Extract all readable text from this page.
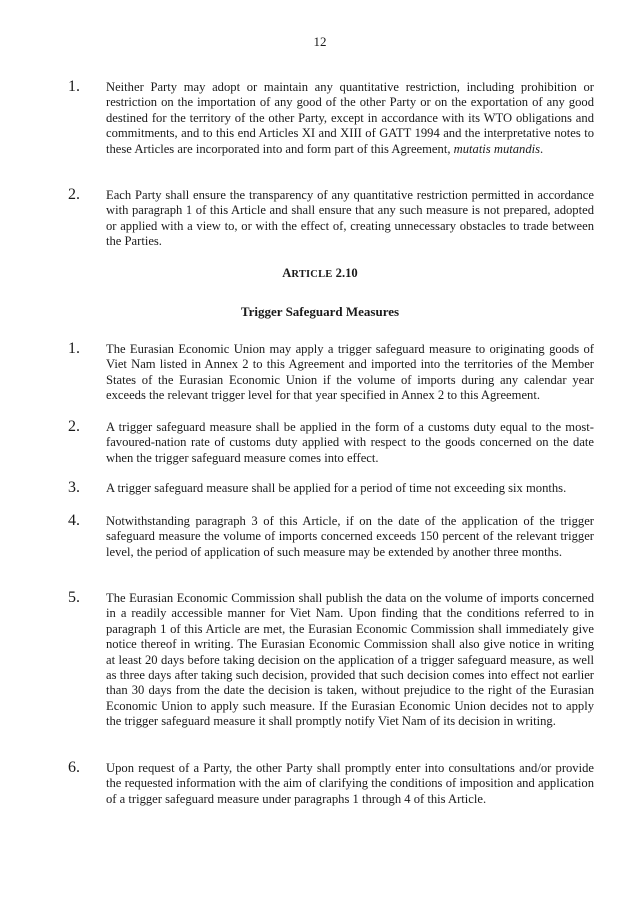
12
1.	Neither Party may adopt or maintain any quantitative restriction, including prohibition or restriction on the importation of any good of the other Party or on the exportation of any good destined for the territory of the other Party, except in accordance with its WTO obligations and commitments, and to this end Articles XI and XIII of GATT 1994 and the interpretative notes to these Articles are incorporated into and form part of this Agreement, mutatis mutandis.
2.	Each Party shall ensure the transparency of any quantitative restriction permitted in accordance with paragraph 1 of this Article and shall ensure that any such measure is not prepared, adopted or applied with a view to, or with the effect of, creating unnecessary obstacles to trade between the Parties.
ARTICLE 2.10
Trigger Safeguard Measures
1.	The Eurasian Economic Union may apply a trigger safeguard measure to originating goods of Viet Nam listed in Annex 2 to this Agreement and imported into the territories of the Member States of the Eurasian Economic Union if the volume of imports during any calendar year exceeds the relevant trigger level for that year specified in Annex 2 to this Agreement.
2.	A trigger safeguard measure shall be applied in the form of a customs duty equal to the most-favoured-nation rate of customs duty applied with respect to the goods concerned on the date when the trigger safeguard measure comes into effect.
3.	A trigger safeguard measure shall be applied for a period of time not exceeding six months.
4.	Notwithstanding paragraph 3 of this Article, if on the date of the application of the trigger safeguard measure the volume of imports concerned exceeds 150 percent of the relevant trigger level, the period of application of such measure may be extended by another three months.
5.	The Eurasian Economic Commission shall publish the data on the volume of imports concerned in a readily accessible manner for Viet Nam. Upon finding that the conditions referred to in paragraph 1 of this Article are met, the Eurasian Economic Commission shall immediately give notice thereof in writing. The Eurasian Economic Commission shall also give notice in writing at least 20 days before taking decision on the application of a trigger safeguard measure, as well as three days after taking such decision, provided that such decision comes into effect not earlier than 30 days from the date the decision is taken, without prejudice to the right of the Eurasian Economic Union to apply such measure. If the Eurasian Economic Union decides not to apply the trigger safeguard measure it shall promptly notify Viet Nam of its decision in writing.
6.	Upon request of a Party, the other Party shall promptly enter into consultations and/or provide the requested information with the aim of clarifying the conditions of imposition and application of a trigger safeguard measure under paragraphs 1 through 4 of this Article.
